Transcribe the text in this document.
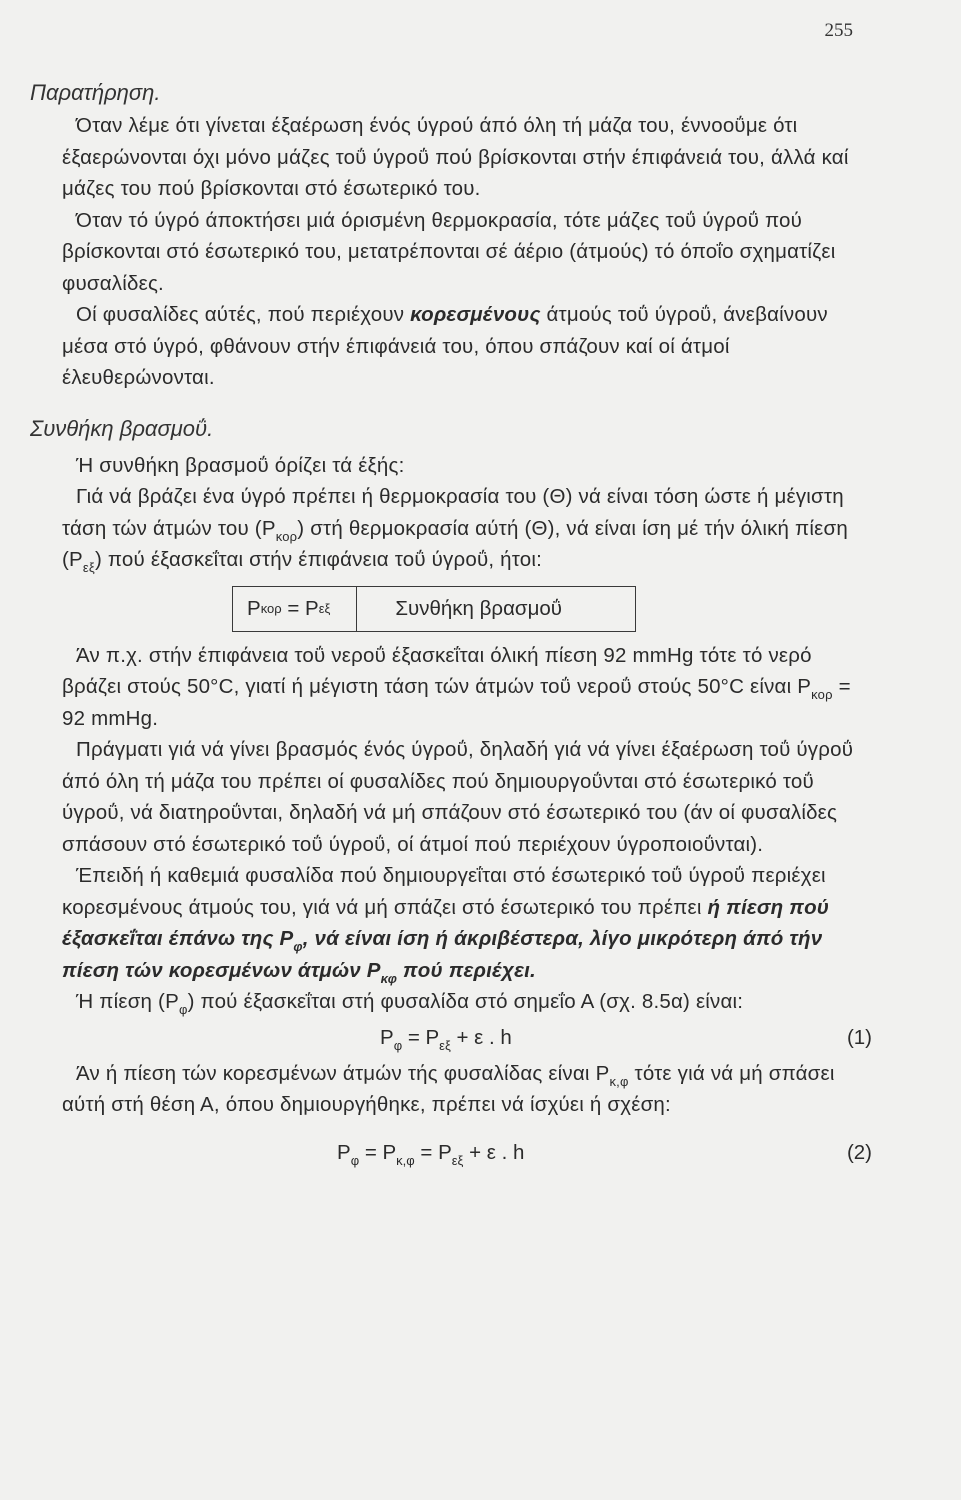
255
Παρατήρηση.

Όταν λέμε ότι γίνεται έξαέρωση ένός ύγρού άπό όλη τή μάζα του, έννοοΰμε ότι έξαερώνονται όχι μόνο μάζες τοΰ ύγροΰ πού βρίσκονται στήν έπιφάνειά του, άλλά καί μάζες του πού βρίσκονται στό έσωτερικό του.

Όταν τό ύγρό άποκτήσει μιά όρισμένη θερμοκρασία, τότε μάζες τοΰ ύγροΰ πού βρίσκονται στό έσωτερικό του, μετατρέπονται σέ άέριο (άτμούς) τό όποΐο σχηματίζει φυσαλίδες.

Οί φυσαλίδες αύτές, πού περιέχουν κορεσμένους άτμούς τοΰ ύγροΰ, άνεβαίνουν μέσα στό ύγρό, φθάνουν στήν έπιφάνειά του, όπου σπάζουν καί οί άτμοί έλευθερώνονται.

Συνθήκη βρασμοΰ.

Ή συνθήκη βρασμοΰ όρίζει τά έξής:

Γιά νά βράζει ένα ύγρό πρέπει ή θερμοκρασία του (Θ) νά είναι τόση ώστε ή μέγιστη τάση τών άτμών του $(P_{\kappa o\rho})$ στή θερμοκρασία αύτή (Θ), νά είναι ίση μέ τήν όλική πίεση $(P_{\varepsilon\xi})$ πού έξασκεΐται στήν έπιφάνεια τοΰ ύγροΰ, ήτοι:

P κορ = P εξ	Συνθήκη βρασμοΰ

Άν π.χ. στήν έπιφάνεια τοΰ νεροΰ έξασκεΐται όλική πίεση 92 mmHg τότε τό νερό βράζει στούς 50°C, γιατί ή μέγιστη τάση τών άτμών τοΰ νεροΰ στούς 50°C είναι $P_{\kappa o\rho} = 92$ mmHg.

Πράγματι γιά νά γίνει βρασμός ένός ύγροΰ, δηλαδή γιά νά γίνει έξαέρωση τοΰ ύγροΰ άπό όλη τή μάζα του πρέπει οί φυσαλίδες πού δημιουργοΰνται στό έσωτερικό τοΰ ύγροΰ, νά διατηροΰνται, δηλαδή νά μή σπάζουν στό έσωτερικό του (άν οί φυσαλίδες σπάσουν στό έσωτερικό τοΰ ύγροΰ, οί άτμοί πού περιέχουν ύγροποιοΰνται).

Έπειδή ή καθεμιά φυσαλίδα πού δημιουργεΐται στό έσωτερικό τοΰ ύγροΰ περιέχει κορεσμένους άτμούς του, γιά νά μή σπάζει στό έσωτερικό του πρέπει ή πίεση πού έξασκεΐται έπάνω της $P_\varphi$, νά είναι ίση ή άκριβέστερα, λίγο μικρότερη άπό τήν πίεση τών κορεσμένων άτμών $P_{\kappa\varphi}$ πού περιέχει.

Ή πίεση $(P_\varphi)$ πού έξασκεΐται στή φυσαλίδα στό σημεΐο Α (σχ. 8.5α) είναι:

$P_\varphi = P_{\varepsilon\xi} + \varepsilon$ . h	(1)

Άν ή πίεση τών κορεσμένων άτμών τής φυσαλίδας είναι $P_{\kappa,\varphi}$ τότε γιά νά μή σπάσει αύτή στή θέση Α, όπου δημιουργήθηκε, πρέπει νά ίσχύει ή σχέση:

$P_\varphi = P_{\kappa,\varphi} = P_{\varepsilon\xi} + \varepsilon$ . h	(2)
